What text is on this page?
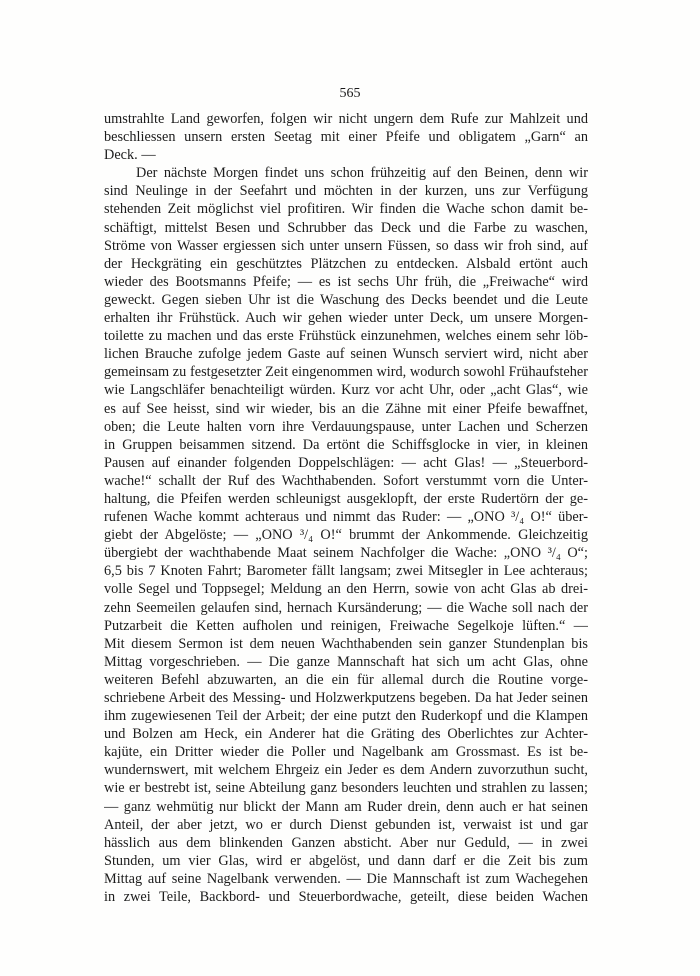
565
umstrahlte Land geworfen, folgen wir nicht ungern dem Rufe zur Mahlzeit und
beschliessen unsern ersten Seetag mit einer Pfeife und obligatem „Garn“ an
Deck. —
Der nächste Morgen findet uns schon frühzeitig auf den Beinen, denn wir
sind Neulinge in der Seefahrt und möchten in der kurzen, uns zur Verfügung
stehenden Zeit möglichst viel profitiren. Wir finden die Wache schon damit be-
schäftigt, mittelst Besen und Schrubber das Deck und die Farbe zu waschen,
Ströme von Wasser ergiessen sich unter unsern Füssen, so dass wir froh sind, auf
der Heckgräting ein geschütztes Plätzchen zu entdecken. Alsbald ertönt auch
wieder des Bootsmanns Pfeife; — es ist sechs Uhr früh, die „Freiwache“ wird
geweckt. Gegen sieben Uhr ist die Waschung des Decks beendet und die Leute
erhalten ihr Frühstück. Auch wir gehen wieder unter Deck, um unsere Morgen-
toilette zu machen und das erste Frühstück einzunehmen, welches einem sehr löb-
lichen Brauche zufolge jedem Gaste auf seinen Wunsch serviert wird, nicht aber
gemeinsam zu festgesetzter Zeit eingenommen wird, wodurch sowohl Frühaufsteher
wie Langschläfer benachteiligt würden. Kurz vor acht Uhr, oder „acht Glas“, wie
es auf See heisst, sind wir wieder, bis an die Zähne mit einer Pfeife bewaffnet,
oben; die Leute halten vorn ihre Verdauungspause, unter Lachen und Scherzen
in Gruppen beisammen sitzend. Da ertönt die Schiffsglocke in vier, in kleinen
Pausen auf einander folgenden Doppelschlägen: — acht Glas! — „Steuerbord-
wache!“ schallt der Ruf des Wachthabenden. Sofort verstummt vorn die Unter-
haltung, die Pfeifen werden schleunigst ausgeklopft, der erste Rudertörn der ge-
rufenen Wache kommt achteraus und nimmt das Ruder: — „ONO ³/₄ O!“ über-
giebt der Abgelöste; — „ONO ³/₄ O!“ brummt der Ankommende. Gleichzeitig
übergiebt der wachthabende Maat seinem Nachfolger die Wache: „ONO ³/₄ O“;
6,5 bis 7 Knoten Fahrt; Barometer fällt langsam; zwei Mitsegler in Lee achteraus;
volle Segel und Toppsegel; Meldung an den Herrn, sowie von acht Glas ab drei-
zehn Seemeilen gelaufen sind, hernach Kursänderung; — die Wache soll nach der
Putzarbeit die Ketten aufholen und reinigen, Freiwache Segelkoje lüften.“ —
Mit diesem Sermon ist dem neuen Wachthabenden sein ganzer Stundenplan bis
Mittag vorgeschrieben. — Die ganze Mannschaft hat sich um acht Glas, ohne
weiteren Befehl abzuwarten, an die ein für allemal durch die Routine vorge-
schriebene Arbeit des Messing- und Holzwerkputzens begeben. Da hat Jeder seinen
ihm zugewiesenen Teil der Arbeit; der eine putzt den Ruderkopf und die Klampen
und Bolzen am Heck, ein Anderer hat die Gräting des Oberlichtes zur Achter-
kajüte, ein Dritter wieder die Poller und Nagelbank am Grossmast. Es ist be-
wundernswert, mit welchem Ehrgeiz ein Jeder es dem Andern zuvorzuthun sucht,
wie er bestrebt ist, seine Abteilung ganz besonders leuchten und strahlen zu lassen;
— ganz wehmütig nur blickt der Mann am Ruder drein, denn auch er hat seinen
Anteil, der aber jetzt, wo er durch Dienst gebunden ist, verwaist ist und gar
hässlich aus dem blinkenden Ganzen absticht. Aber nur Geduld, — in zwei
Stunden, um vier Glas, wird er abgelöst, und dann darf er die Zeit bis zum
Mittag auf seine Nagelbank verwenden. — Die Mannschaft ist zum Wachegehen
in zwei Teile, Backbord- und Steuerbordwache, geteilt, diese beiden Wachen
